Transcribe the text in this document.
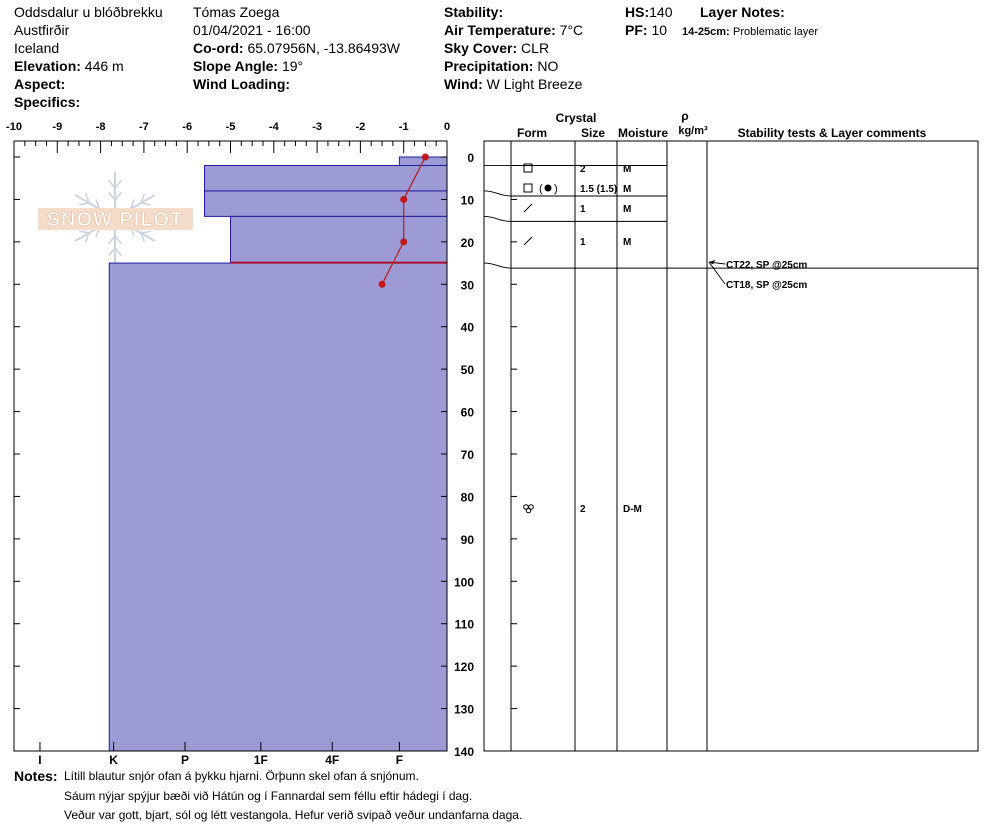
Oddsdalur u blóðbrekku
Austfirðir
Iceland
Elevation: 446 m
Aspect:
Specifics:
Tómas Zoega
01/04/2021 - 16:00
Co-ord: 65.07956N, -13.86493W
Slope Angle: 19°
Wind Loading:
Stability:
Air Temperature: 7°C
Sky Cover: CLR
Precipitation: NO
Wind: W Light Breeze
HS:140
PF: 10
Layer Notes:
14-25cm: Problematic layer
SNOW PILOT
-10	-9	-8	-7	-6	-5	-4	-3	-2	-1	0
0
10
20
30
40
50
60
70
80
90
100
110
120
130
140
I	K	P	1F	4F	F
Crystal
Form	Size Moisture
ρ
kg/m³ Stability tests & Layer comments
2	M
( ) 1.5 (1.5) M
1	M
1	M
2	D-M
CT22, SP @25cm
CT18, SP @25cm
Notes: Lítill blautur snjór ofan á þykku hjarni. Örþunn skel ofan á snjónum.
Sáum nýjar spýjur bæði við Hátún og í Fannardal sem féllu eftir hádegi í dag.
Veður var gott, bjart, sól og létt vestangola. Hefur verið svipað veður undanfarna daga.
